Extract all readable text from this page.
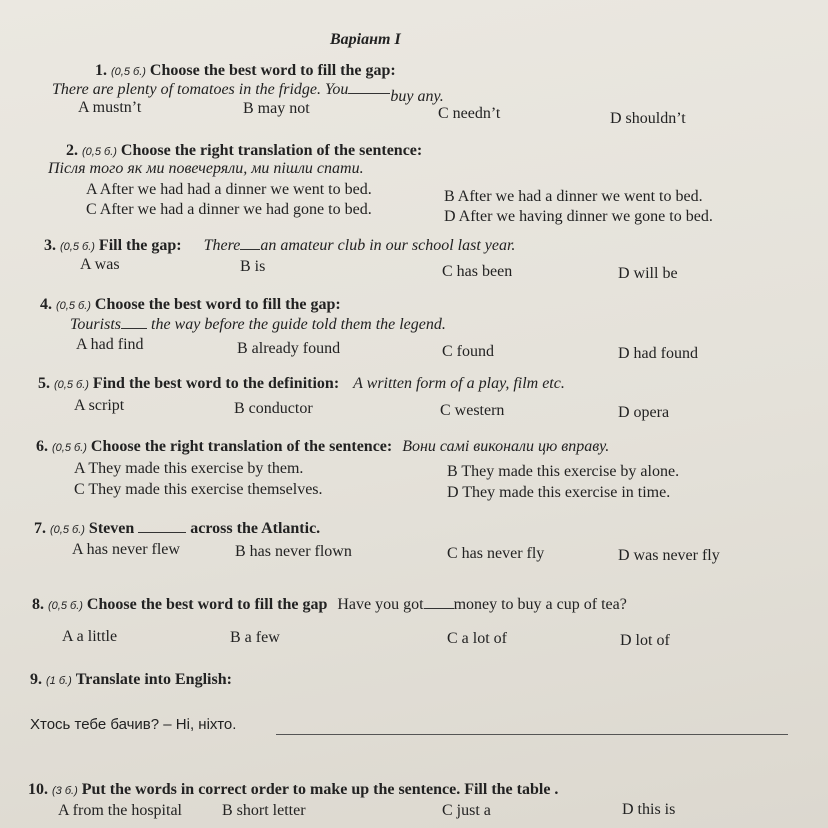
Варіант І
1. (0,5 б.) Choose the best word to fill the gap:
There are plenty of tomatoes in the fridge. You	buy any.
A mustn’t	B may not	C needn’t	D shouldn’t
2. (0,5 б.) Choose the right translation of the sentence:
Після того як ми повечеряли, ми пішли спати.
A After we had had a dinner we went to bed.	B After we had a dinner we went to bed.
C After we had a dinner we had gone to bed.	D After we having dinner we gone to bed.
3. (0,5 б.) Fill the gap: There an amateur club in our school last year.
A was	B is	C has been	D will be
4. (0,5 б.) Choose the best word to fill the gap:
Tourists the way before the guide told them the legend.
A had find	B already found	C found	D had found
5. (0,5 б.) Find the best word to the definition: A written form of a play, film etc.
A script	B conductor	C western	D opera
6. (0,5 б.) Choose the right translation of the sentence: Вони самі виконали цю вправу.
A They made this exercise by them.	B They made this exercise by alone.
C They made this exercise themselves.	D They made this exercise in time.
7. (0,5 б.) Steven	across the Atlantic.
A has never flew	B has never flown	C has never fly	D was never fly
8. (0,5 б.) Choose the best word to fill the gap Have you got money to buy a cup of tea?
A a little	B a few	C a lot of	D lot of
9. (1 б.) Translate into English:
Хтось тебе бачив? – Ні, ніхто.
10. (3 б.) Put the words in correct order to make up the sentence. Fill the table .
A from the hospital	B short letter	C just a	D this is
